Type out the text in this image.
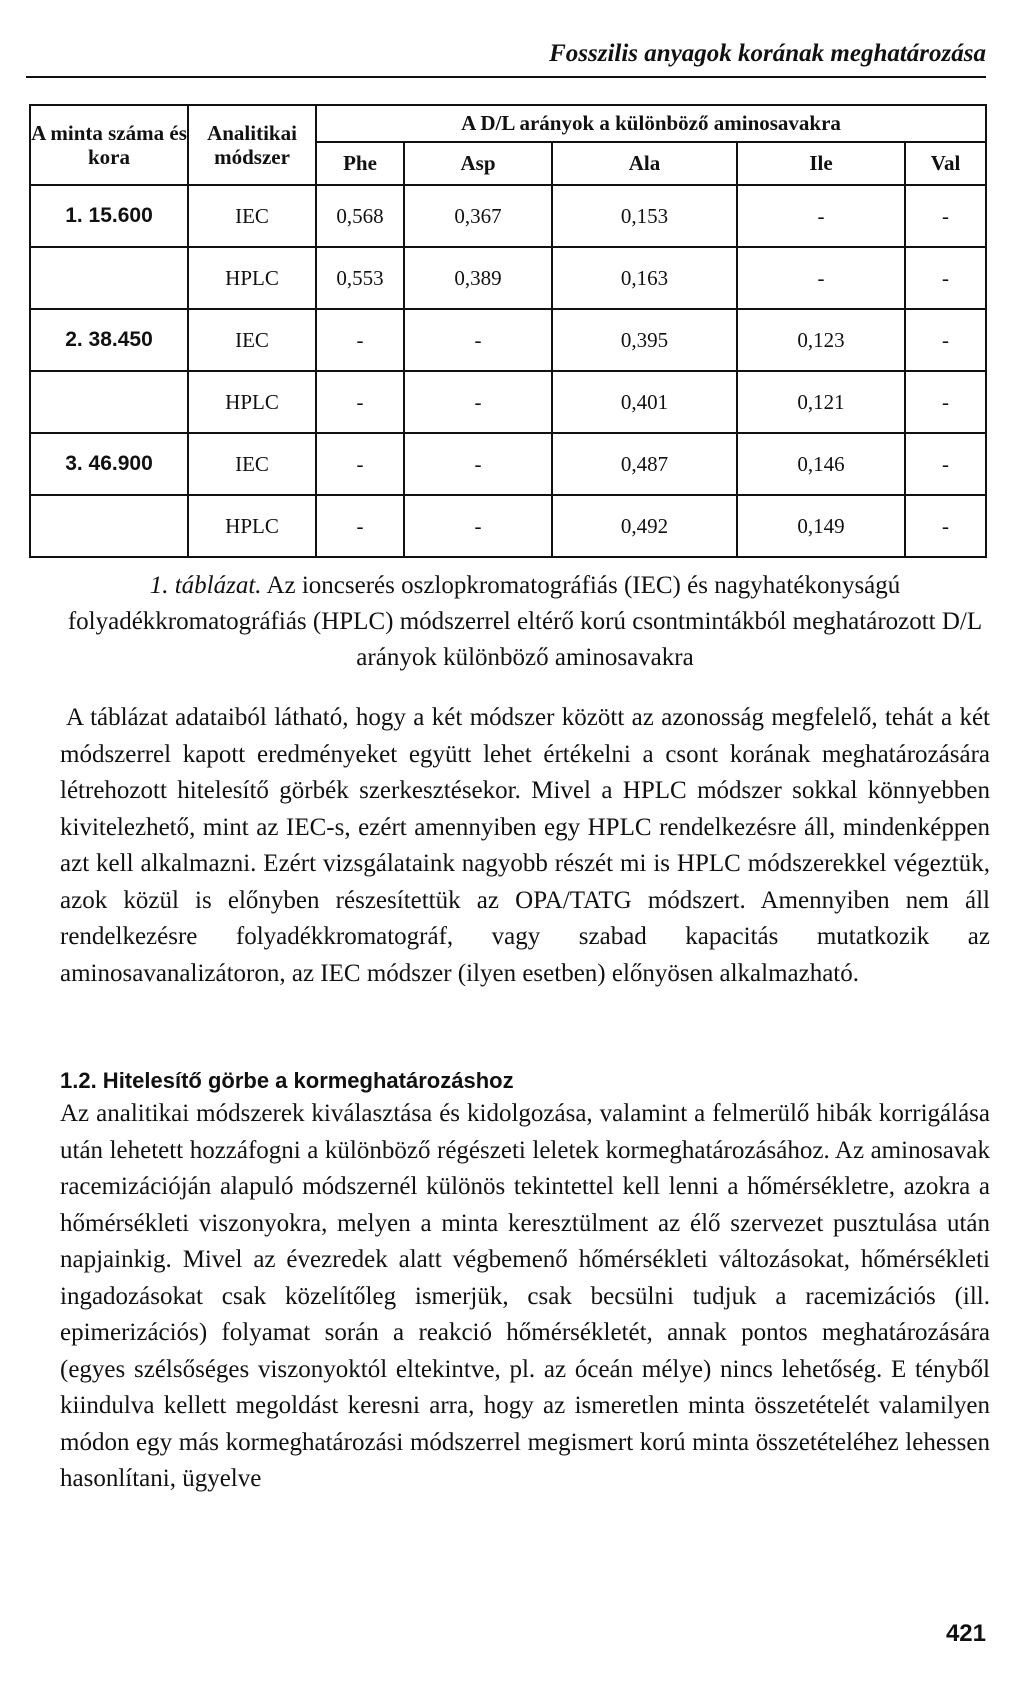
Fosszilis anyagok korának meghatározása
A minta száma és kora	Analitikai módszer	A D/L arányok a különböző aminosavakra				
		Phe	Asp	Ala	Ile	Val
1. 15.600	IEC	0,568	0,367	0,153	-	-
	HPLC	0,553	0,389	0,163	-	-
2. 38.450	IEC	-	-	0,395	0,123	-
	HPLC	-	-	0,401	0,121	-
3. 46.900	IEC	-	-	0,487	0,146	-
	HPLC	-	-	0,492	0,149	-
1. táblázat. Az ioncserés oszlopkromatográfiás (IEC) és nagyhatékonyságú folyadékkromatográfiás (HPLC) módszerrel eltérő korú csontmintákból meghatározott D/L arányok különböző aminosavakra

A táblázat adataiból látható, hogy a két módszer között az azonosság megfelelő, tehát a két módszerrel kapott eredményeket együtt lehet értékelni a csont korának meghatározására létrehozott hitelesítő görbék szerkesztésekor. Mivel a HPLC módszer sokkal könnyebben kivitelezhető, mint az IEC-s, ezért amennyiben egy HPLC rendelkezésre áll, mindenképpen azt kell alkalmazni. Ezért vizsgálataink nagyobb részét mi is HPLC módszerekkel végeztük, azok közül is előnyben részesítettük az OPA/TATG módszert. Amennyiben nem áll rendelkezésre folyadékkromatográf, vagy szabad kapacitás mutatkozik az aminosavanalizátoron, az IEC módszer (ilyen esetben) előnyösen alkalmazható.

1.2. Hitelesítő görbe a kormeghatározáshoz

Az analitikai módszerek kiválasztása és kidolgozása, valamint a felmerülő hibák korrigálása után lehetett hozzáfogni a különböző régészeti leletek kormeghatározásához. Az aminosavak racemizációján alapuló módszernél különös tekintettel kell lenni a hőmérsékletre, azokra a hőmérsékleti viszonyokra, melyen a minta keresztülment az élő szervezet pusztulása után napjainkig. Mivel az évezredek alatt végbemenő hőmérsékleti változásokat, hőmérsékleti ingadozásokat csak közelítőleg ismerjük, csak becsülni tudjuk a racemizációs (ill. epimerizációs) folyamat során a reakció hőmérsékletét, annak pontos meghatározására (egyes szélsőséges viszonyoktól eltekintve, pl. az óceán mélye) nincs lehetőség. E tényből kiindulva kellett megoldást keresni arra, hogy az ismeretlen minta összetételét valamilyen módon egy más kormeghatározási módszerrel megismert korú minta összetételéhez lehessen hasonlítani, ügyelve

421
